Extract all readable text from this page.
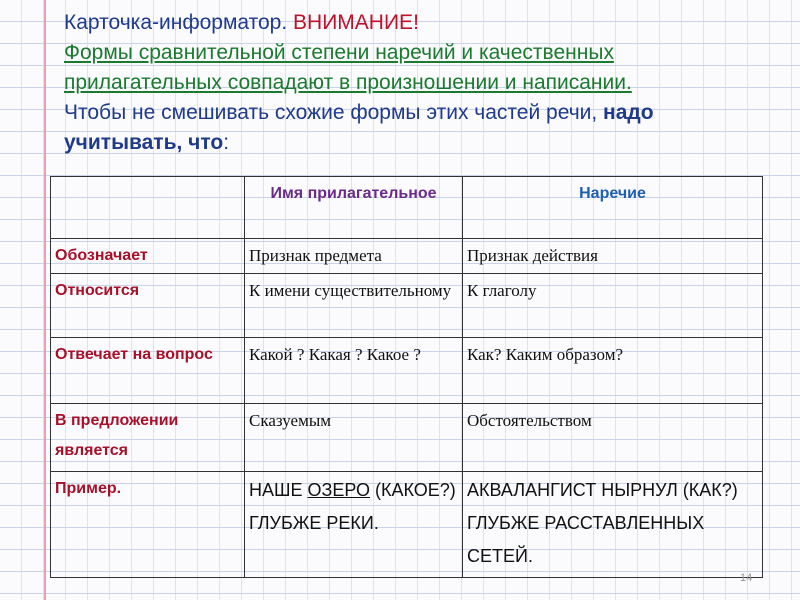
Карточка-информатор. ВНИМАНИЕ!
Формы сравнительной степени наречий и качественных
прилагательных совпадают в произношении и написании.
Чтобы не смешивать схожие формы этих частей речи, надо
учитывать, что:
	Имя прилагательное	Наречие
Обозначает	Признак предмета	Признак действия
Относится	К имени существительному	К глаголу
Отвечает на вопрос	Какой ? Какая ? Какое ?	Как? Каким образом?
В предложении является	Сказуемым	Обстоятельством
Пример.	НАШЕ ОЗЕРО (КАКОЕ?) ГЛУБЖЕ РЕКИ.	АКВАЛАНГИСТ НЫРНУЛ (КАК?) ГЛУБЖЕ РАССТАВЛЕННЫХ СЕТЕЙ.
14
